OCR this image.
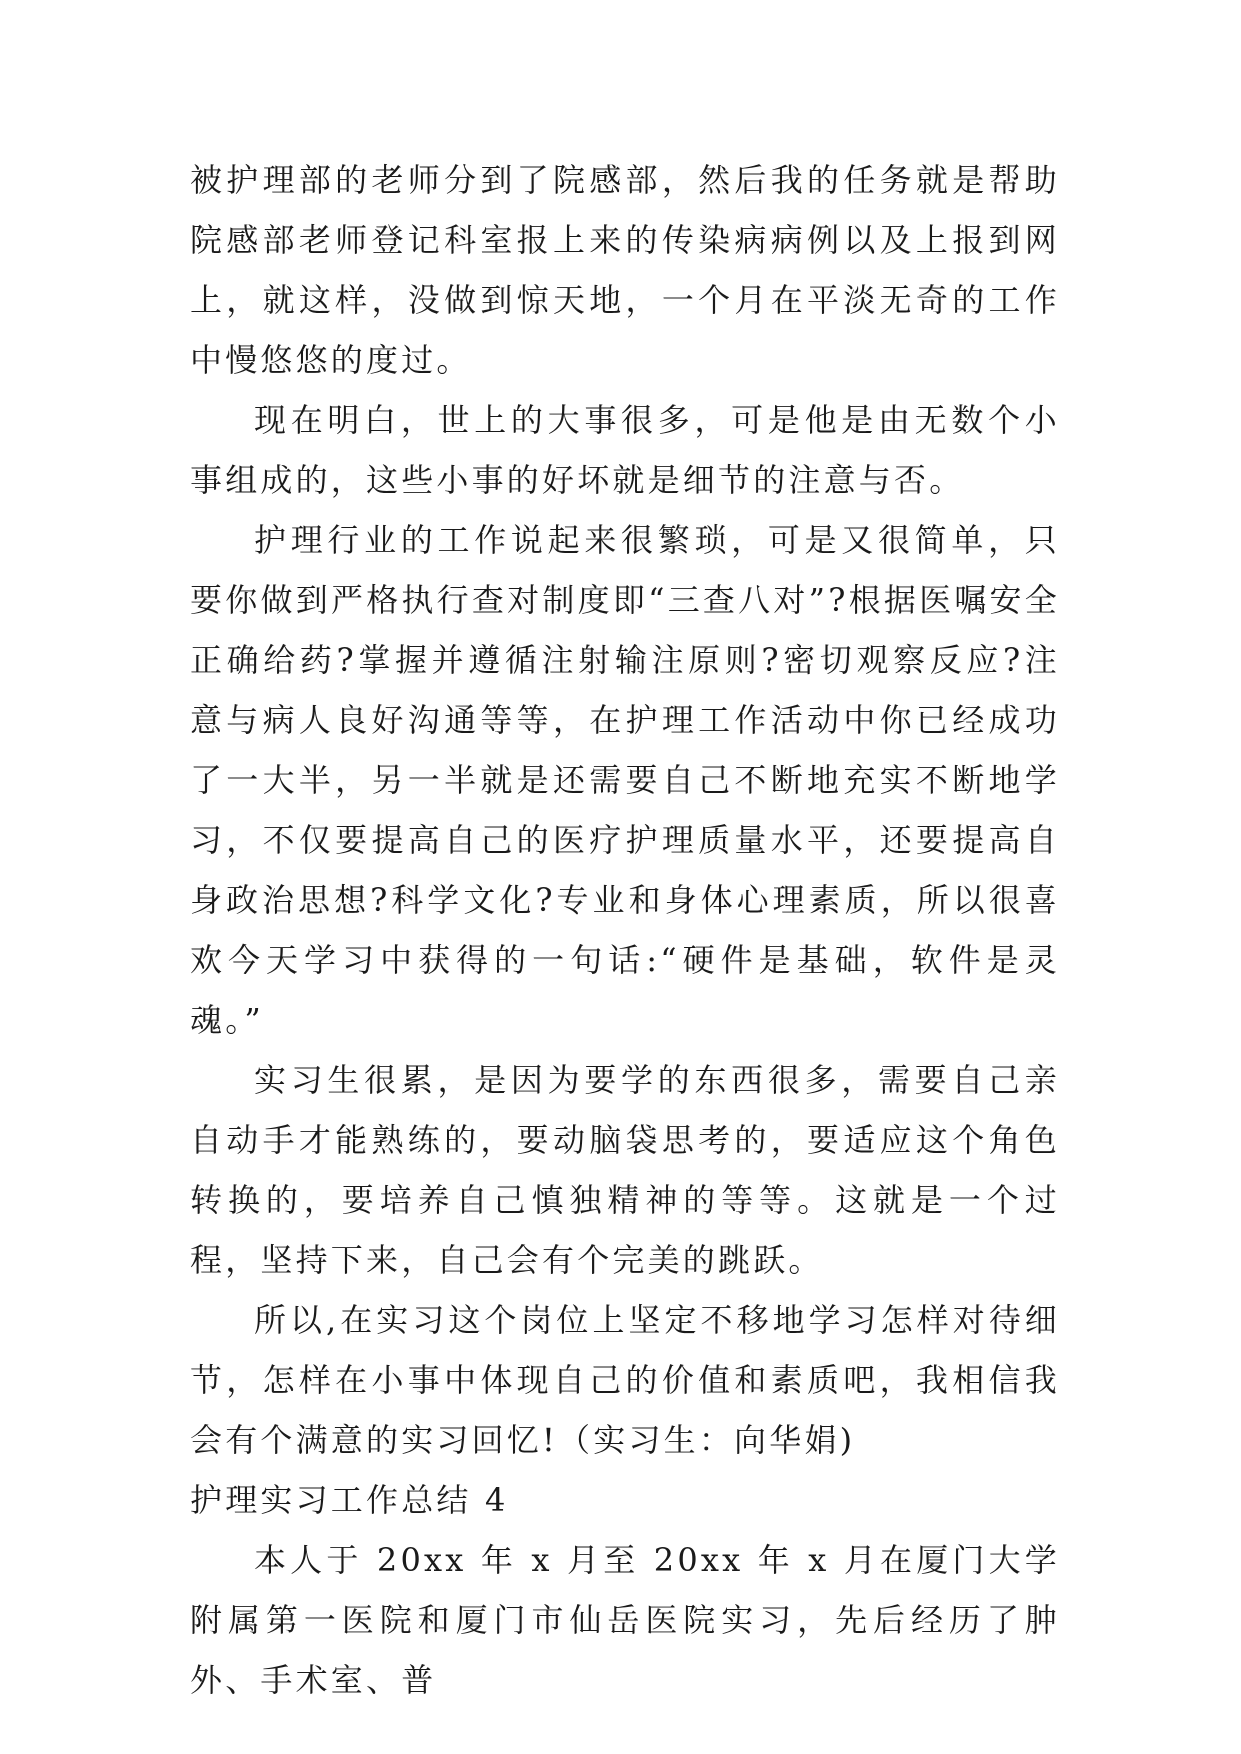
被护理部的老师分到了院感部，然后我的任务就是帮助院感部老师登记科室报上来的传染病病例以及上报到网上，就这样，没做到惊天地，一个月在平淡无奇的工作中慢悠悠的度过。

现在明白，世上的大事很多，可是他是由无数个小事组成的，这些小事的好坏就是细节的注意与否。

护理行业的工作说起来很繁琐，可是又很简单，只要你做到严格执行查对制度即“三查八对”?根据医嘱安全正确给药?掌握并遵循注射输注原则?密切观察反应?注意与病人良好沟通等等，在护理工作活动中你已经成功了一大半，另一半就是还需要自己不断地充实不断地学习，不仅要提高自己的医疗护理质量水平，还要提高自身政治思想?科学文化?专业和身体心理素质，所以很喜欢今天学习中获得的一句话:“硬件是基础，软件是灵魂。”

实习生很累，是因为要学的东西很多，需要自己亲自动手才能熟练的，要动脑袋思考的，要适应这个角色转换的，要培养自己慎独精神的等等。这就是一个过程，坚持下来，自己会有个完美的跳跃。

所以,在实习这个岗位上坚定不移地学习怎样对待细节，怎样在小事中体现自己的价值和素质吧，我相信我会有个满意的实习回忆!（实习生：向华娟)

护理实习工作总结 4

本人于 20xx 年 x 月至 20xx 年 x 月在厦门大学附属第一医院和厦门市仙岳医院实习，先后经历了肿外、手术室、普
